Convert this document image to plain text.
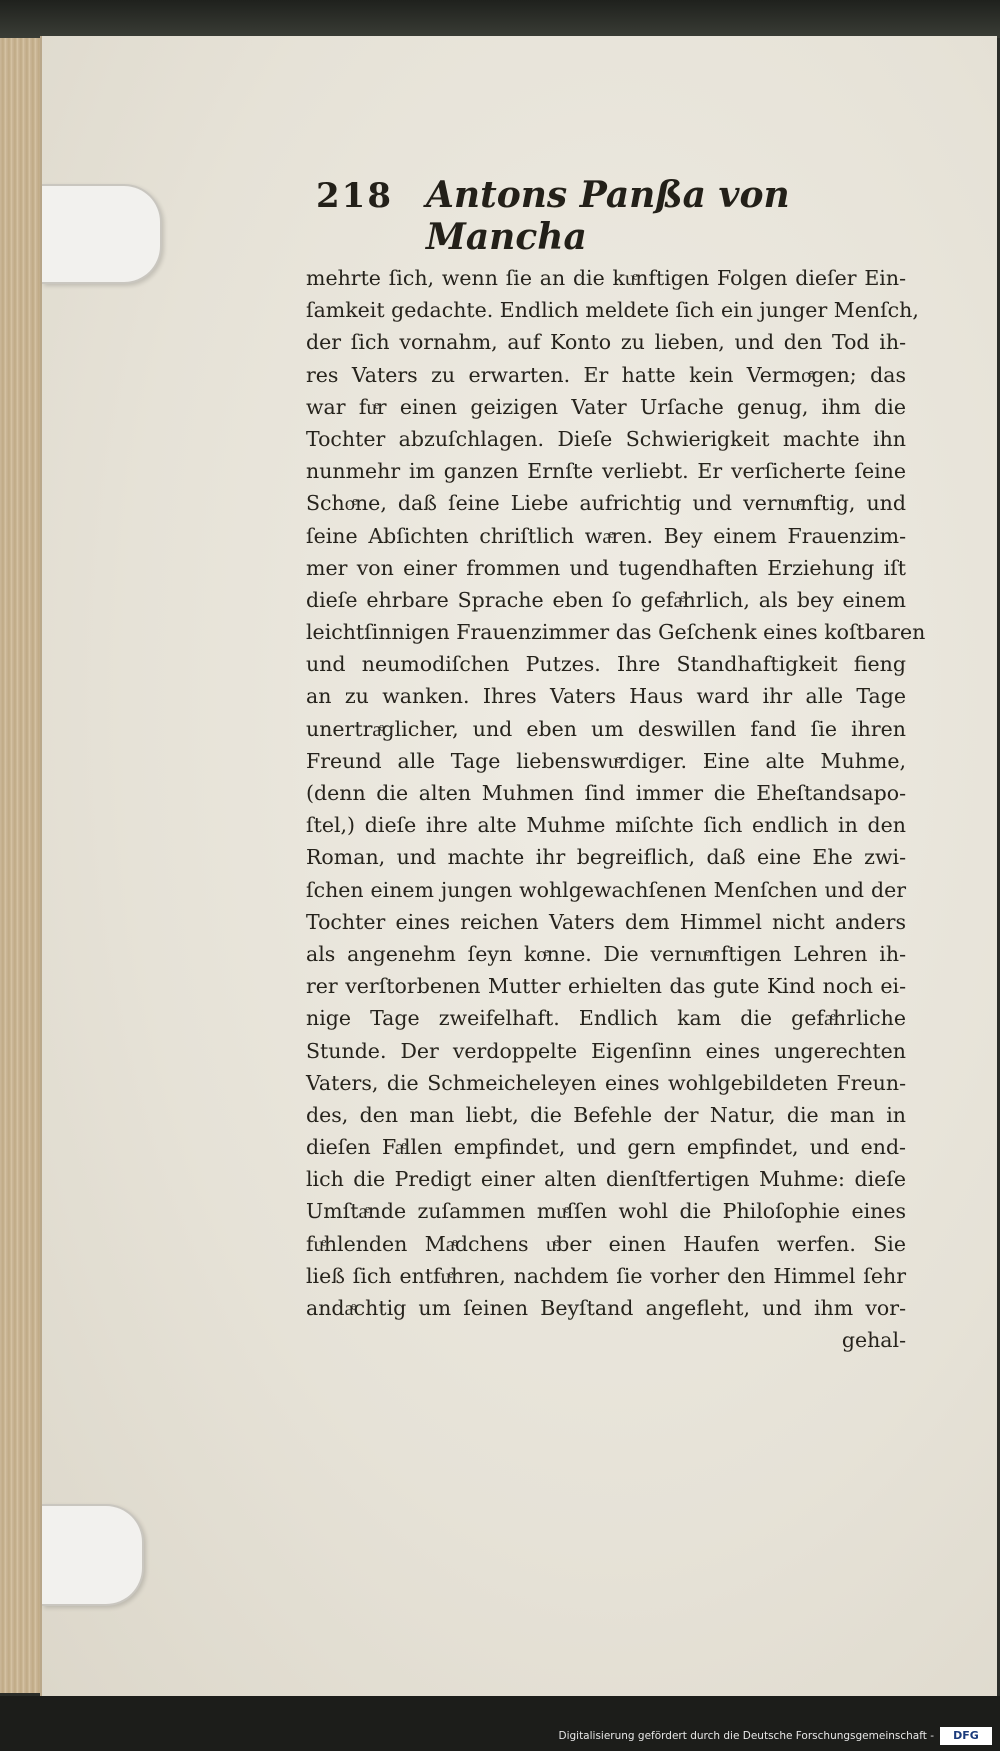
218 Antons Panßa von Mancha
mehrte ſich, wenn ſie an die kuͤnftigen Folgen dieſer Ein-
ſamkeit gedachte. Endlich meldete ſich ein junger Menſch,
der ſich vornahm, auf Konto zu lieben, und den Tod ih-
res Vaters zu erwarten. Er hatte kein Vermoͤgen; das
war fuͤr einen geizigen Vater Urſache genug, ihm die
Tochter abzuſchlagen. Dieſe Schwierigkeit machte ihn
nunmehr im ganzen Ernſte verliebt. Er verſicherte ſeine
Schoͤne, daß ſeine Liebe aufrichtig und vernuͤnftig, und
ſeine Abſichten chriſtlich waͤren. Bey einem Frauenzim-
mer von einer frommen und tugendhaften Erziehung iſt
dieſe ehrbare Sprache eben ſo gefaͤhrlich, als bey einem
leichtſinnigen Frauenzimmer das Geſchenk eines koſtbaren
und neumodiſchen Putzes. Ihre Standhaftigkeit fieng
an zu wanken. Ihres Vaters Haus ward ihr alle Tage
unertraͤglicher, und eben um deswillen fand ſie ihren
Freund alle Tage liebenswuͤrdiger. Eine alte Muhme,
(denn die alten Muhmen ſind immer die Eheſtandsapo-
ſtel,) dieſe ihre alte Muhme miſchte ſich endlich in den
Roman, und machte ihr begreiflich, daß eine Ehe zwi-
ſchen einem jungen wohlgewachſenen Menſchen und der
Tochter eines reichen Vaters dem Himmel nicht anders
als angenehm ſeyn koͤnne. Die vernuͤnftigen Lehren ih-
rer verſtorbenen Mutter erhielten das gute Kind noch ei-
nige Tage zweifelhaft. Endlich kam die gefaͤhrliche
Stunde. Der verdoppelte Eigenſinn eines ungerechten
Vaters, die Schmeicheleyen eines wohlgebildeten Freun-
des, den man liebt, die Befehle der Natur, die man in
dieſen Faͤllen empfindet, und gern empfindet, und end-
lich die Predigt einer alten dienſtfertigen Muhme: dieſe
Umſtaͤnde zuſammen muͤſſen wohl die Philoſophie eines
fuͤhlenden Maͤdchens uͤber einen Haufen werfen. Sie
ließ ſich entfuͤhren, nachdem ſie vorher den Himmel ſehr
andaͤchtig um ſeinen Beyſtand angefleht, und ihm vor-
gehal-
Digitalisierung gefördert durch die Deutsche Forschungsgemeinschaft -	DFG
